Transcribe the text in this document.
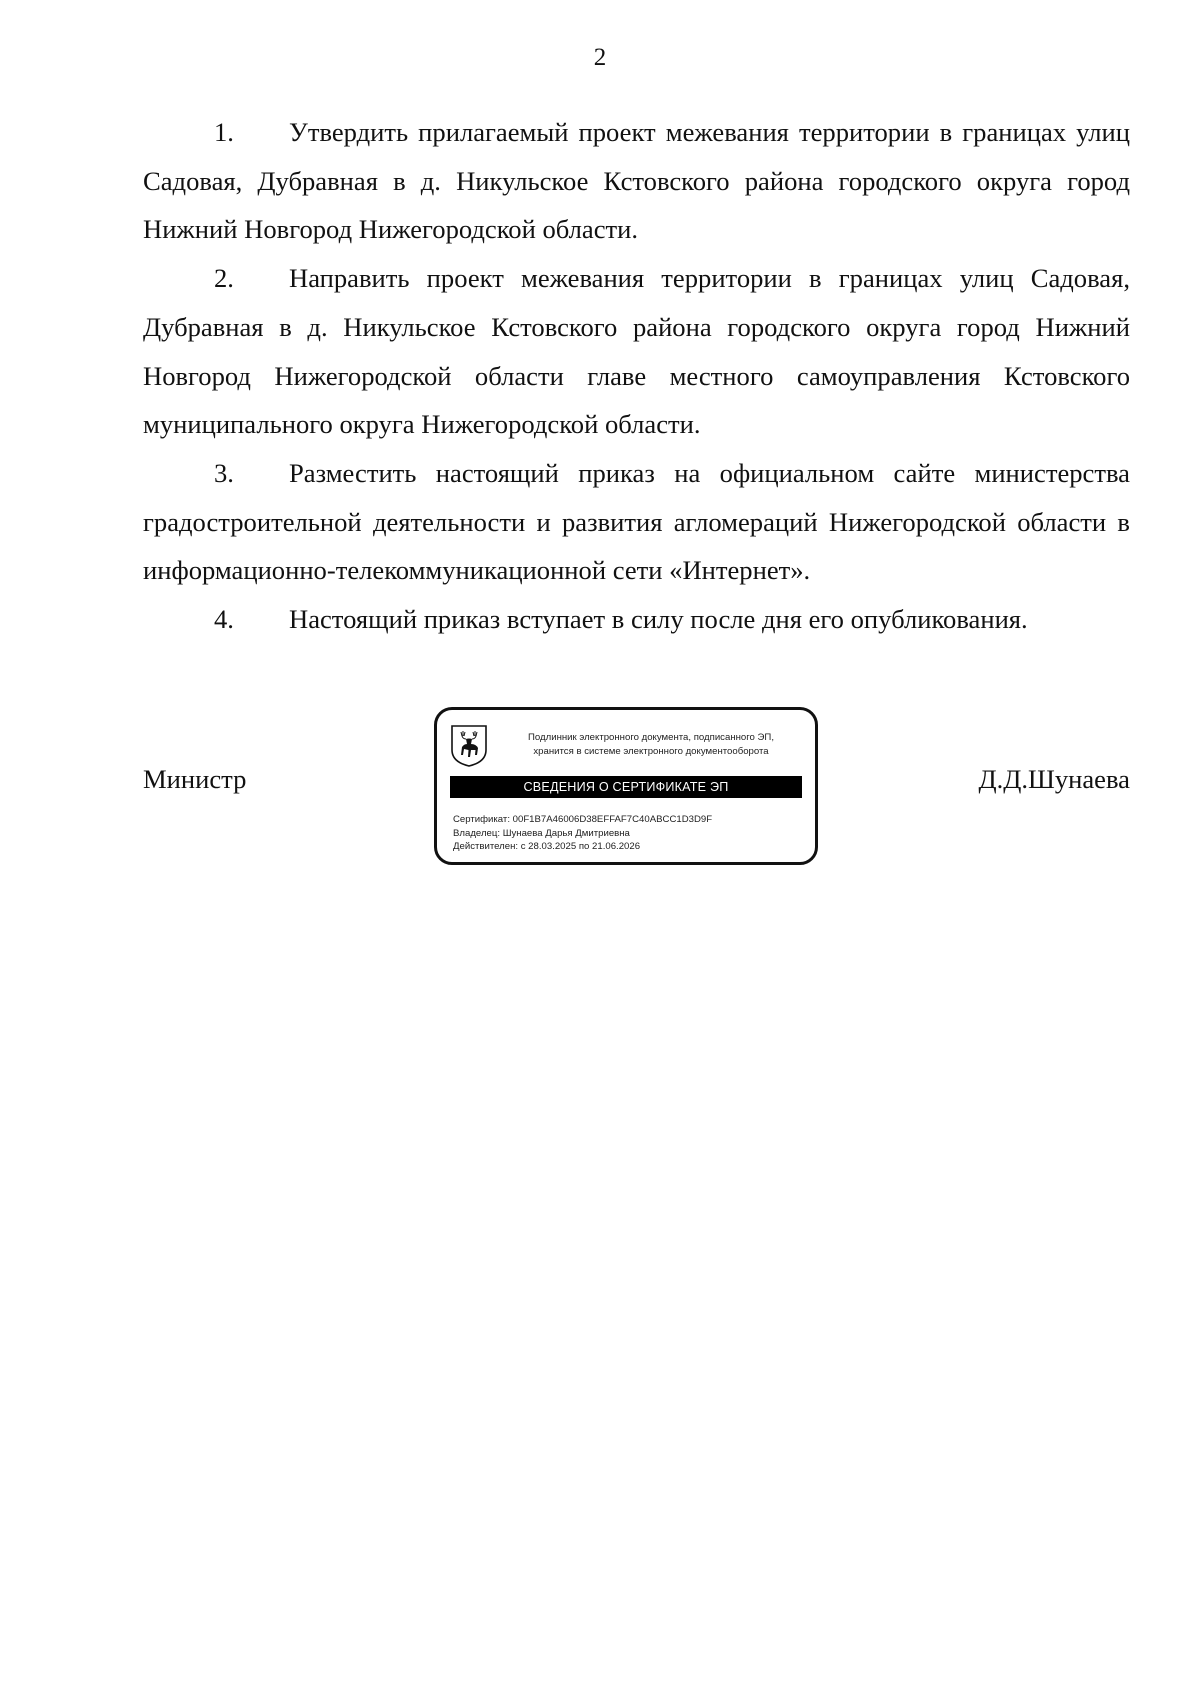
2

1. Утвердить прилагаемый проект межевания территории в границах улиц Садовая, Дубравная в д. Никульское Кстовского района городского округа город Нижний Новгород Нижегородской области.

2. Направить проект межевания территории в границах улиц Садовая, Дубравная в д. Никульское Кстовского района городского округа город Нижний Новгород Нижегородской области главе местного самоуправления Кстовского муниципального округа Нижегородской области.

3. Разместить настоящий приказ на официальном сайте министерства градостроительной деятельности и развития агломераций Нижегородской области в информационно-телекоммуникационной сети «Интернет».

4. Настоящий приказ вступает в силу после дня его опубликования.

Министр	Д.Д.Шунаева
Подлинник электронного документа, подписанного ЭП,
хранится в системе электронного документооборота
СВЕДЕНИЯ О СЕРТИФИКАТЕ ЭП
Сертификат: 00F1B7A46006D38EFFAF7C40ABCC1D3D9F
Владелец: Шунаева Дарья Дмитриевна
Действителен: с 28.03.2025 по 21.06.2026
